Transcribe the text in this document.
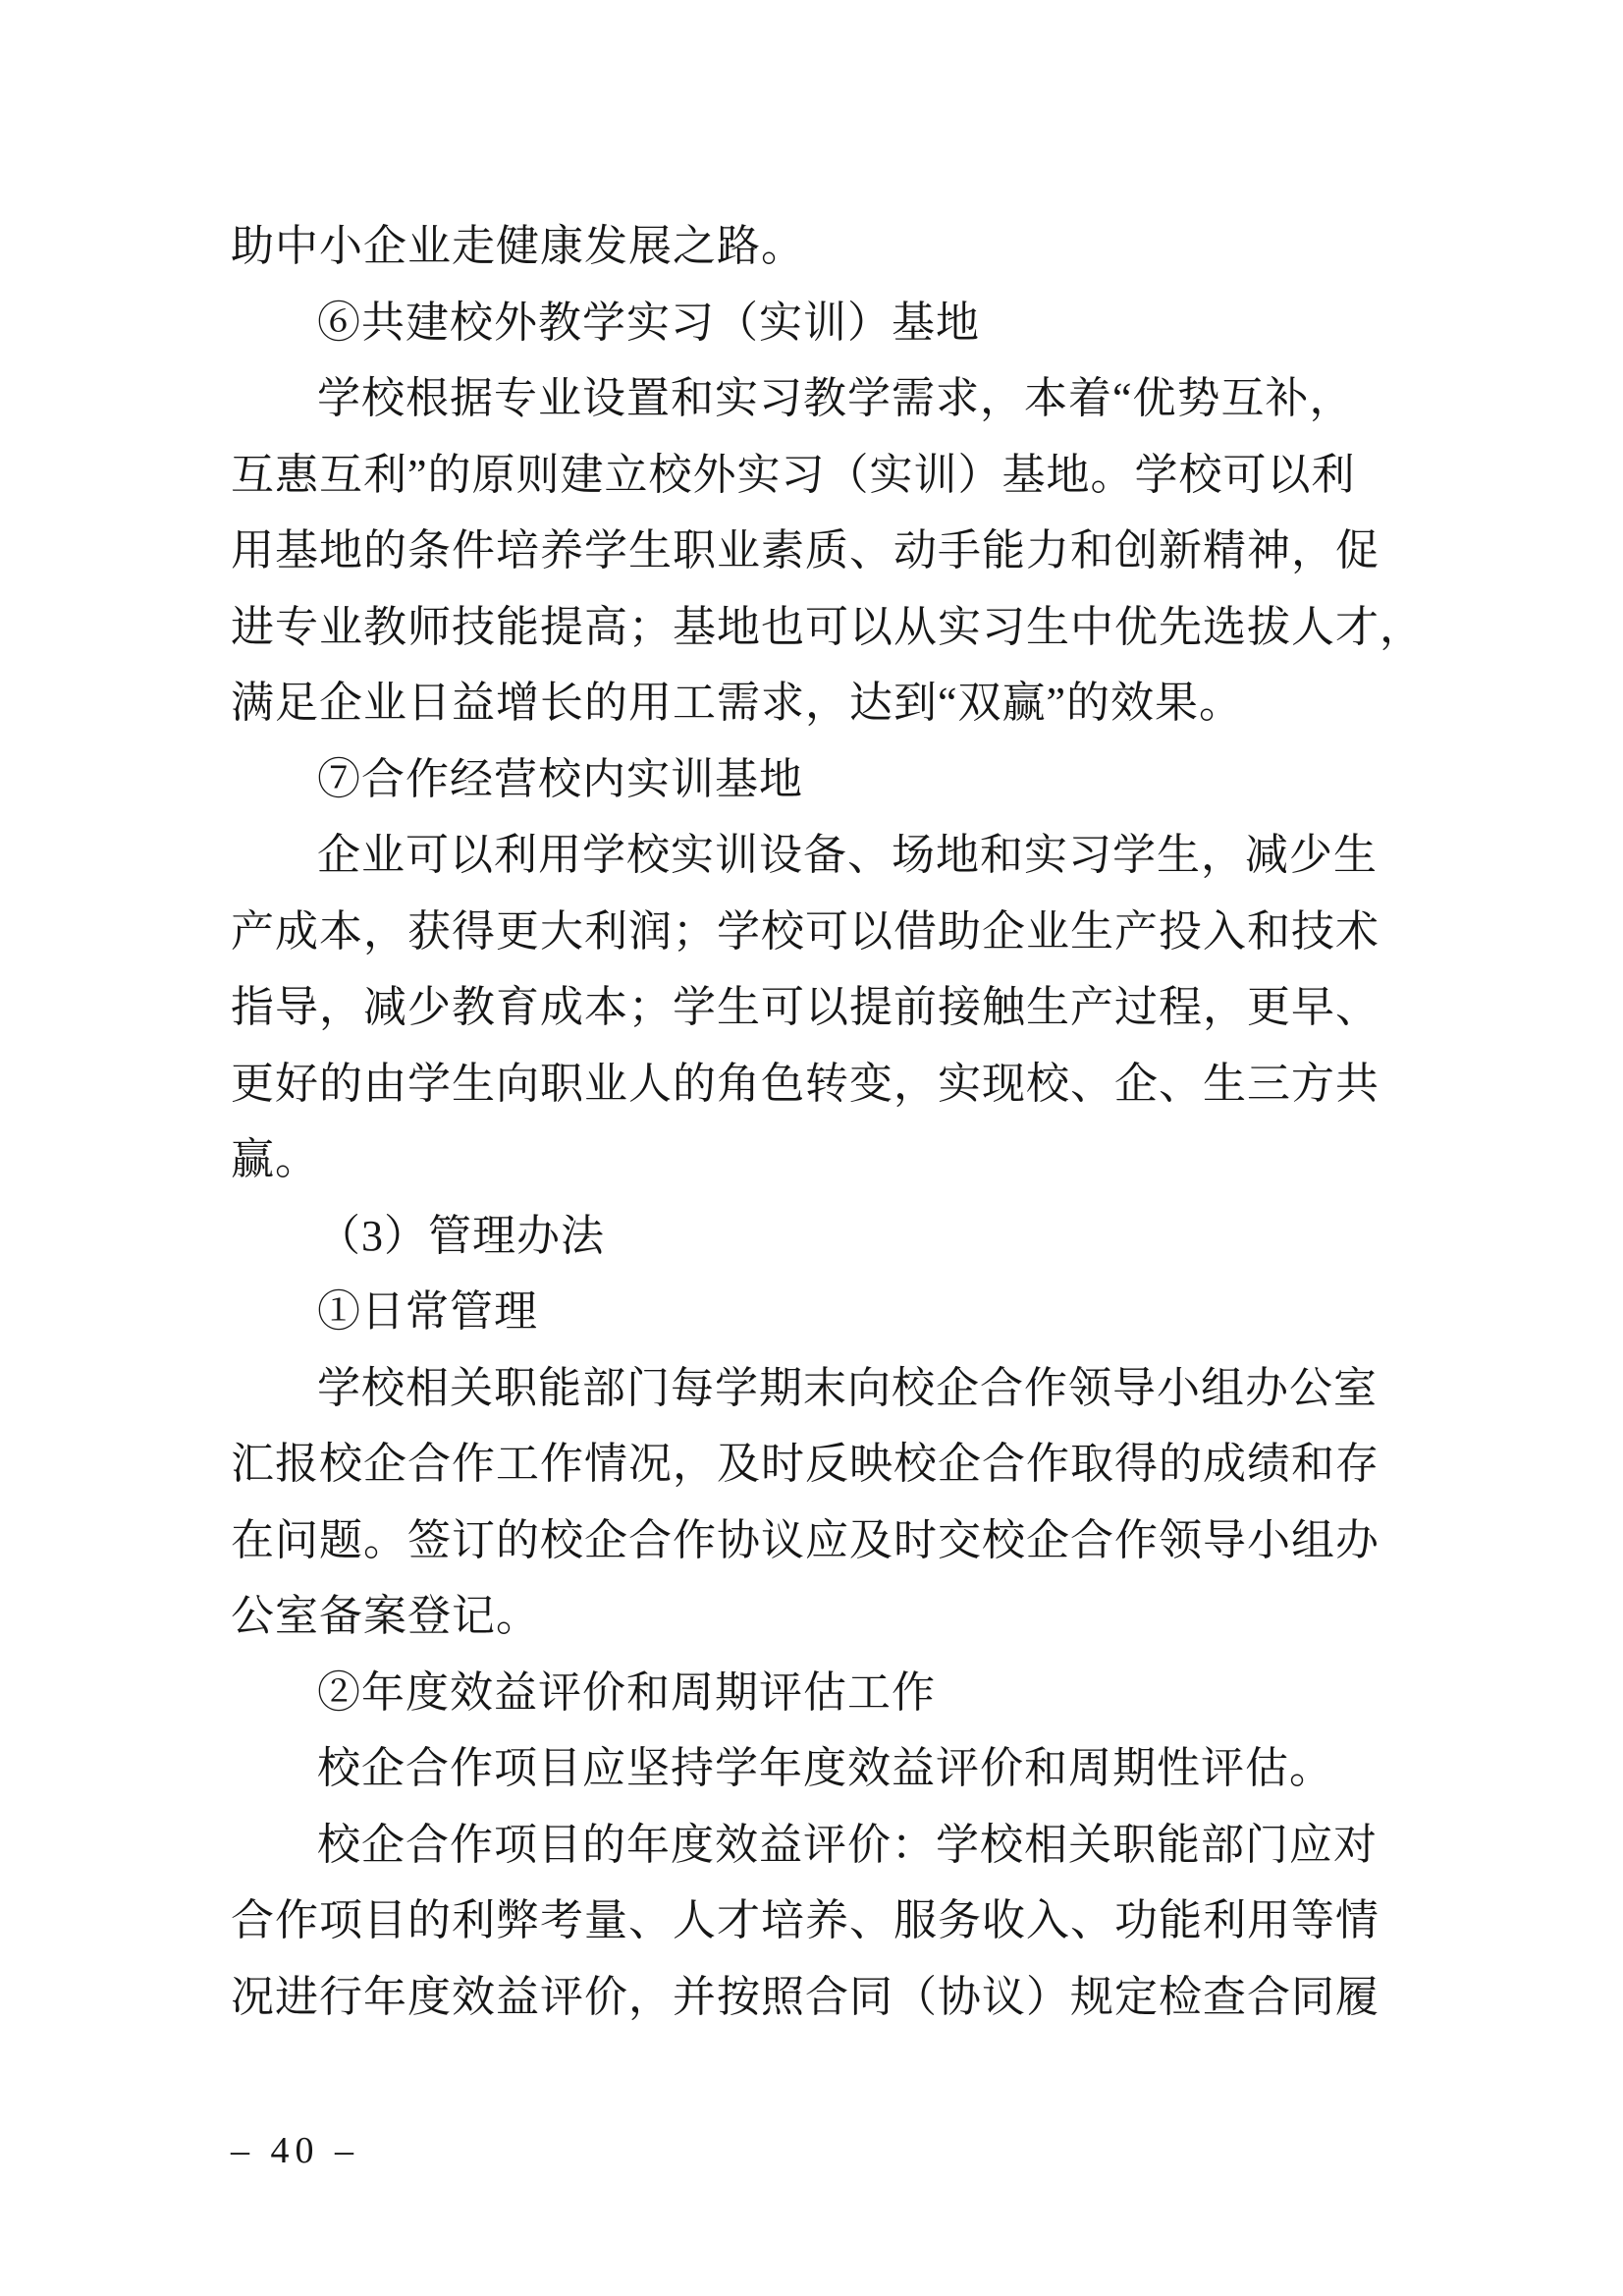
助中小企业走健康发展之路。
⑥共建校外教学实习（实训）基地
学校根据专业设置和实习教学需求，本着“优势互补，
互惠互利”的原则建立校外实习（实训）基地。学校可以利
用基地的条件培养学生职业素质、动手能力和创新精神，促
进专业教师技能提高；基地也可以从实习生中优先选拔人才，
满足企业日益增长的用工需求，达到“双赢”的效果。
⑦合作经营校内实训基地
企业可以利用学校实训设备、场地和实习学生，减少生
产成本，获得更大利润；学校可以借助企业生产投入和技术
指导，减少教育成本；学生可以提前接触生产过程，更早、
更好的由学生向职业人的角色转变，实现校、企、生三方共
赢。
（3）管理办法
①日常管理
学校相关职能部门每学期末向校企合作领导小组办公室
汇报校企合作工作情况，及时反映校企合作取得的成绩和存
在问题。签订的校企合作协议应及时交校企合作领导小组办
公室备案登记。
②年度效益评价和周期评估工作
校企合作项目应坚持学年度效益评价和周期性评估。
校企合作项目的年度效益评价：学校相关职能部门应对
合作项目的利弊考量、人才培养、服务收入、功能利用等情
况进行年度效益评价，并按照合同（协议）规定检查合同履
– 40 –
